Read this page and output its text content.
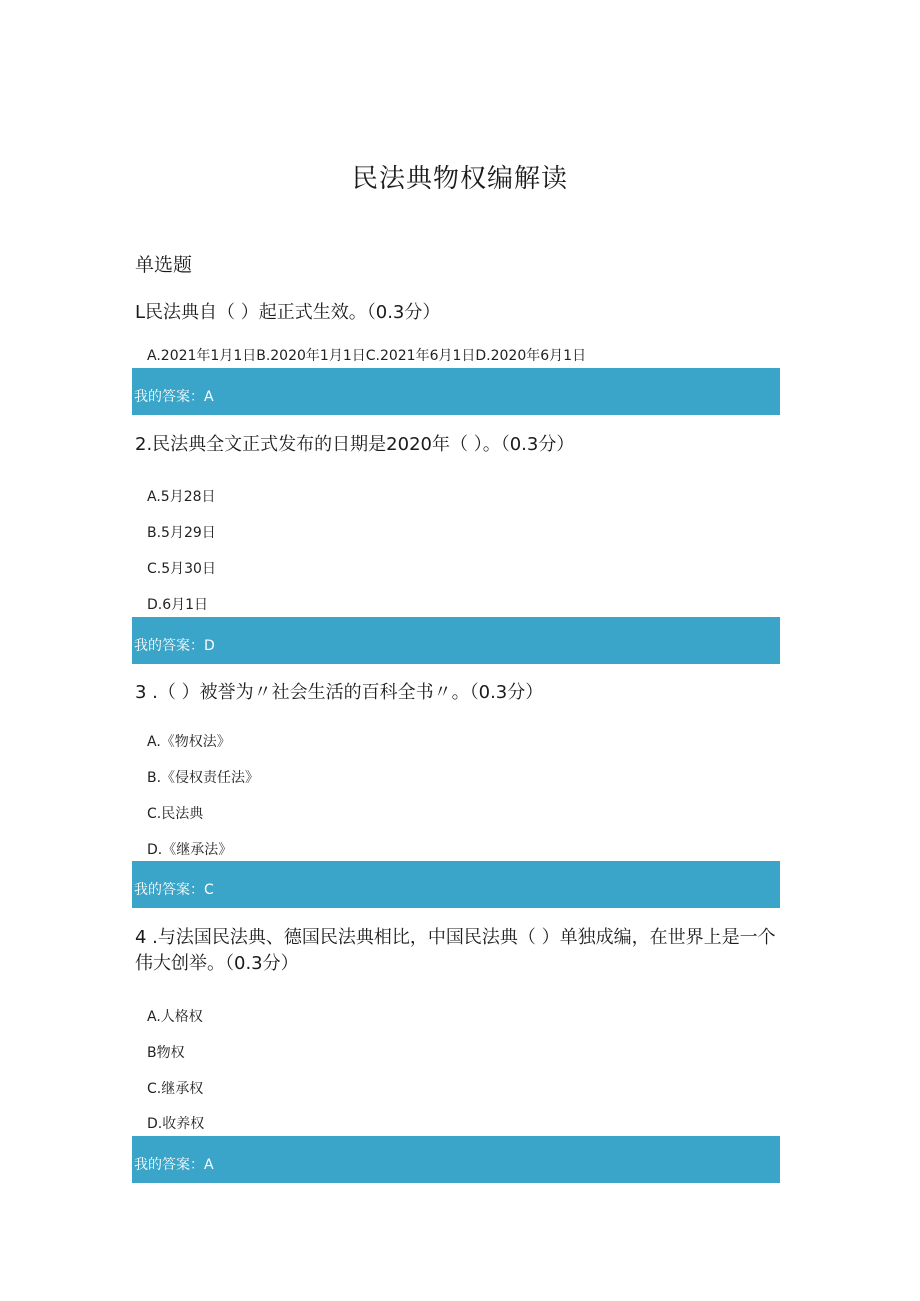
民法典物权编解读
单选题
L民法典自（ ）起正式生效。（0.3分）
A.2021年1月1日B.2020年1月1日C.2021年6月1日D.2020年6月1日
我的答案：A
2.民法典全文正式发布的日期是2020年（ ）。（0.3分）
A.5月28日
B.5月29日
C.5月30日
D.6月1日
我的答案：D
3 .（ ）被誉为〃社会生活的百科全书〃。（0.3分）
A.《物权法》
B.《侵权责任法》
C.民法典
D.《继承法》
我的答案：C
4 .与法国民法典、德国民法典相比，中国民法典（ ）单独成编，在世界上是一个伟大创举。（0.3分）
A.人格权
B物权
C.继承权
D.收养权
我的答案：A
